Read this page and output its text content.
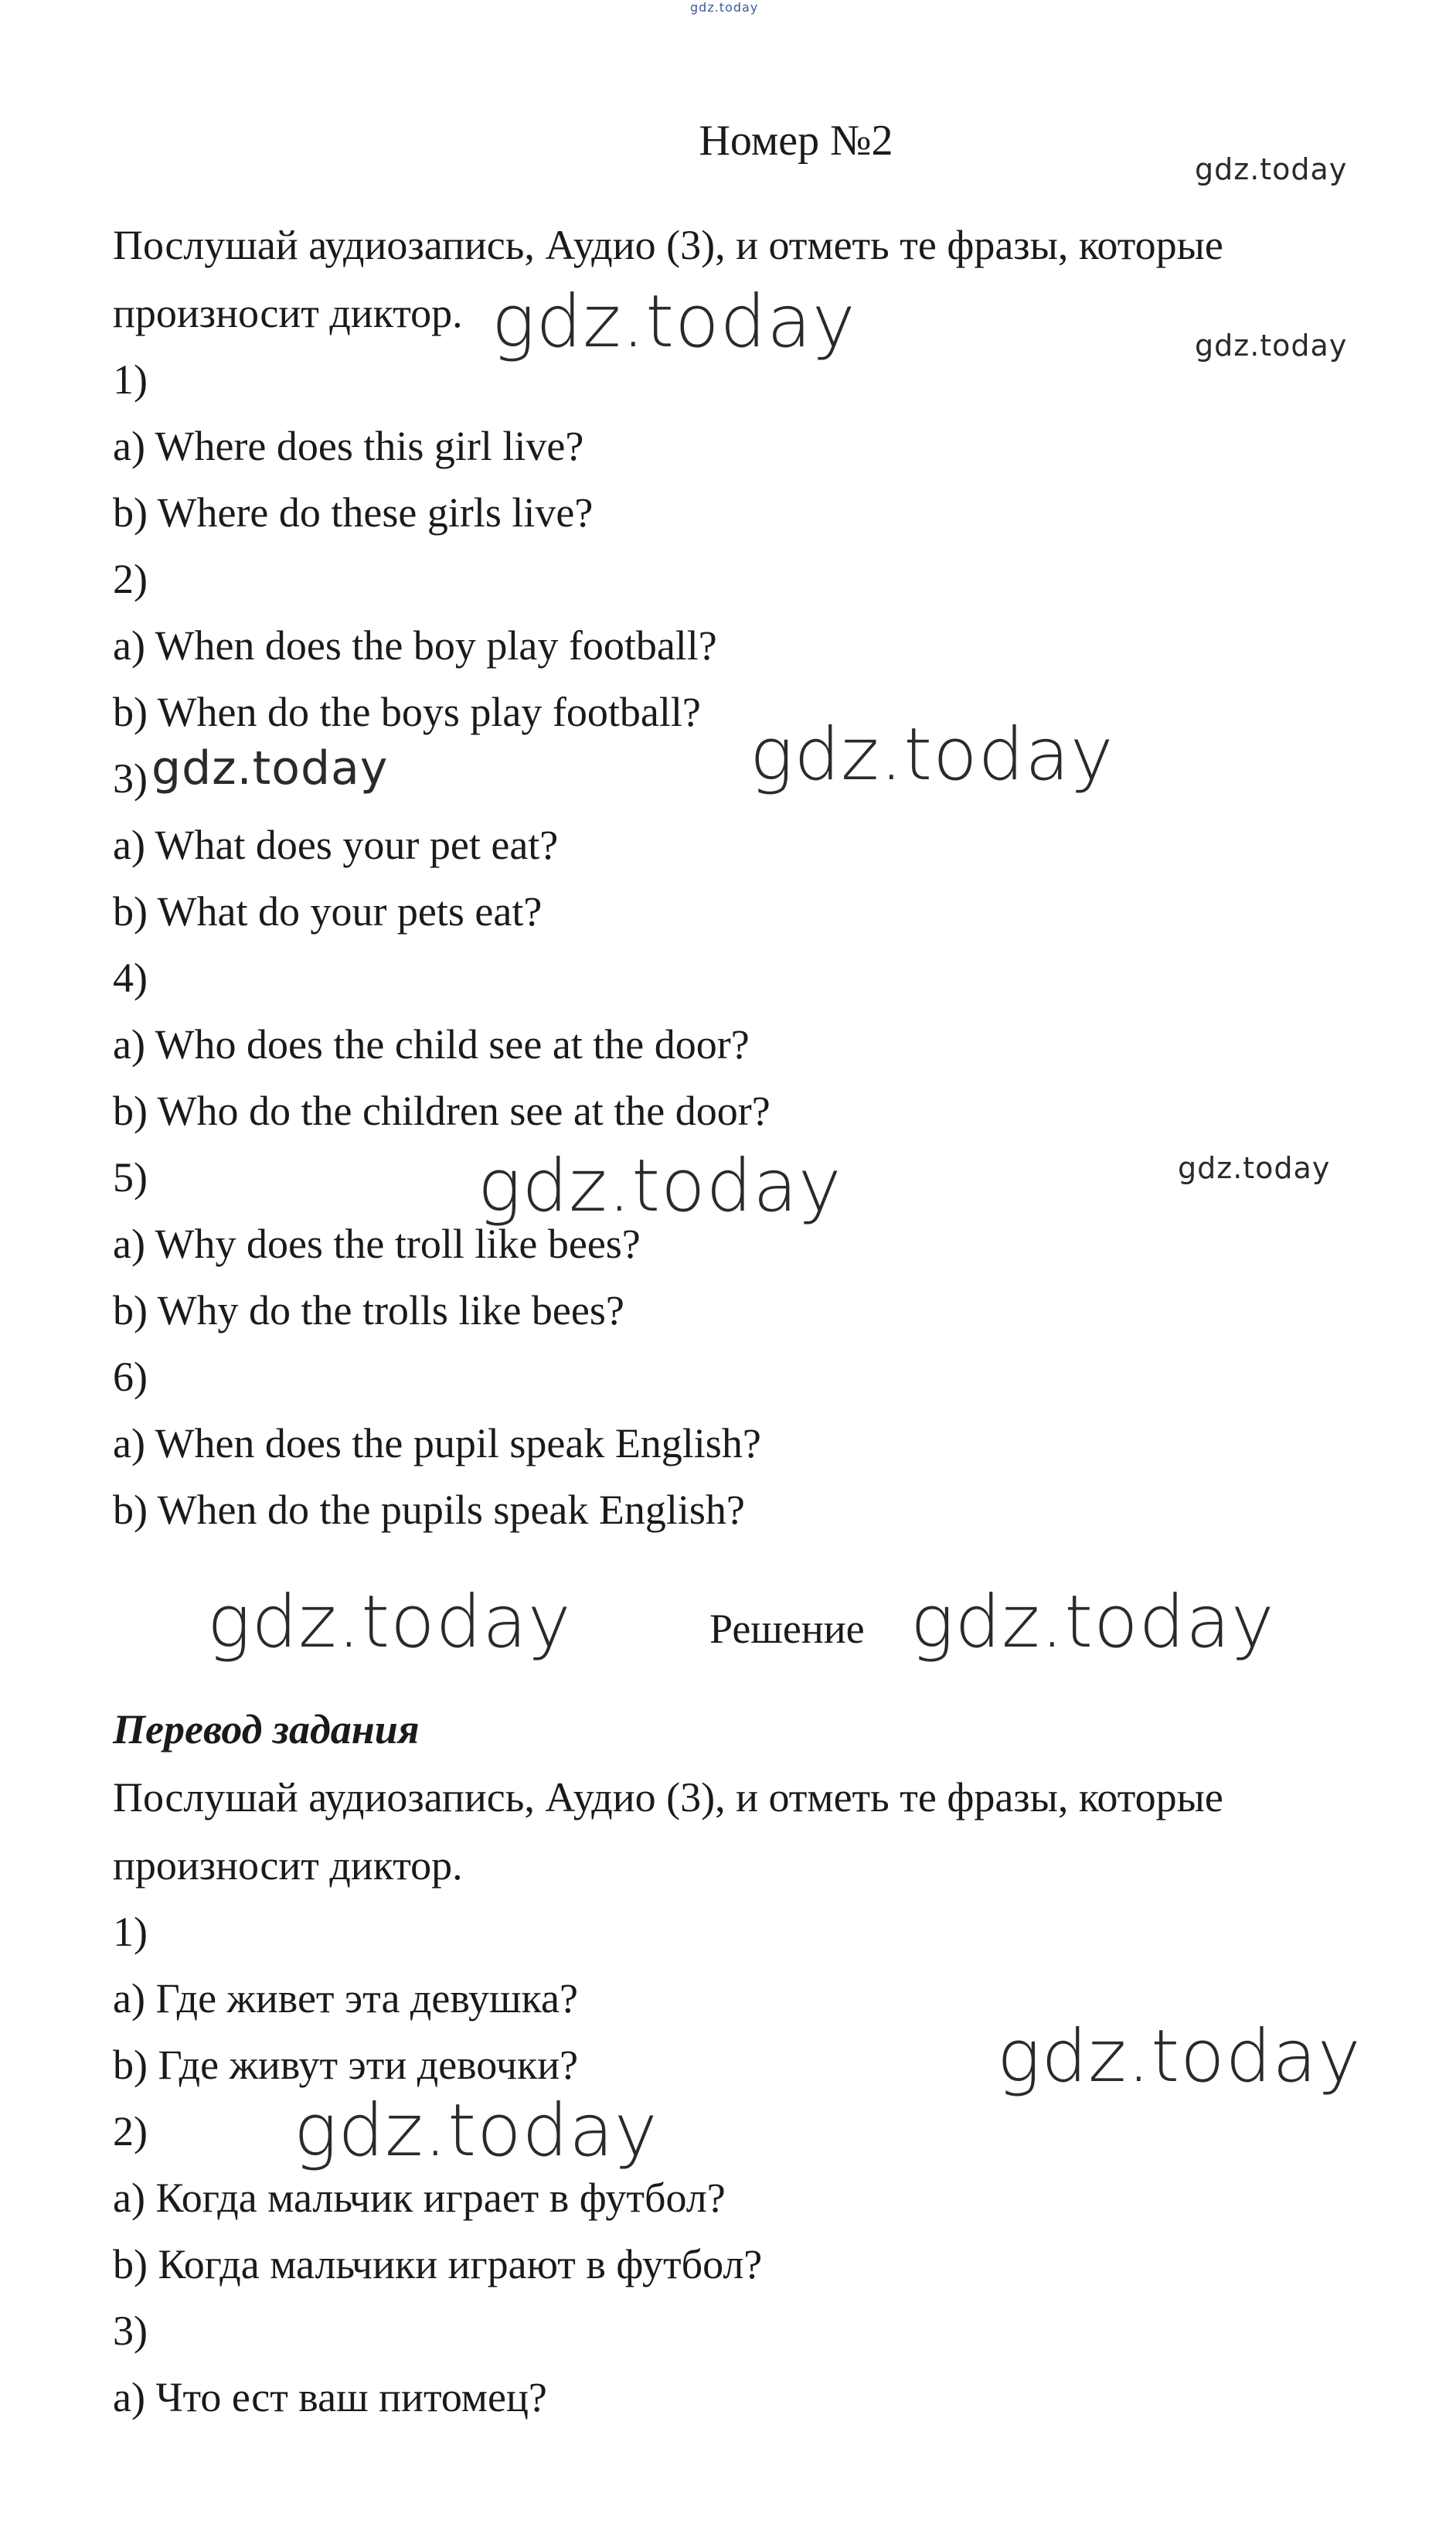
Номер №2
Послушай аудиозапись, Аудио (3), и отметь те фразы, которые
произносит диктор.
1)
a) Where does this girl live?
b) Where do these girls live?
2)
a) When does the boy play football?
b) When do the boys play football?
3)
a) What does your pet eat?
b) What do your pets eat?
4)
a) Who does the child see at the door?
b) Who do the children see at the door?
5)
a) Why does the troll like bees?
b) Why do the trolls like bees?
6)
a) When does the pupil speak English?
b) When do the pupils speak English?
Решение
Перевод задания
Послушай аудиозапись, Аудио (3), и отметь те фразы, которые
произносит диктор.
1)
a) Где живет эта девушка?
b) Где живут эти девочки?
2)
a) Когда мальчик играет в футбол?
b) Когда мальчики играют в футбол?
3)
a) Что ест ваш питомец?
gdz.today
gdz.today
gdz.today
gdz.today
gdz.today
gdz.today
gdz.today
gdz.today
gdz.today	gdz.today
gdz.today
gdz.today
